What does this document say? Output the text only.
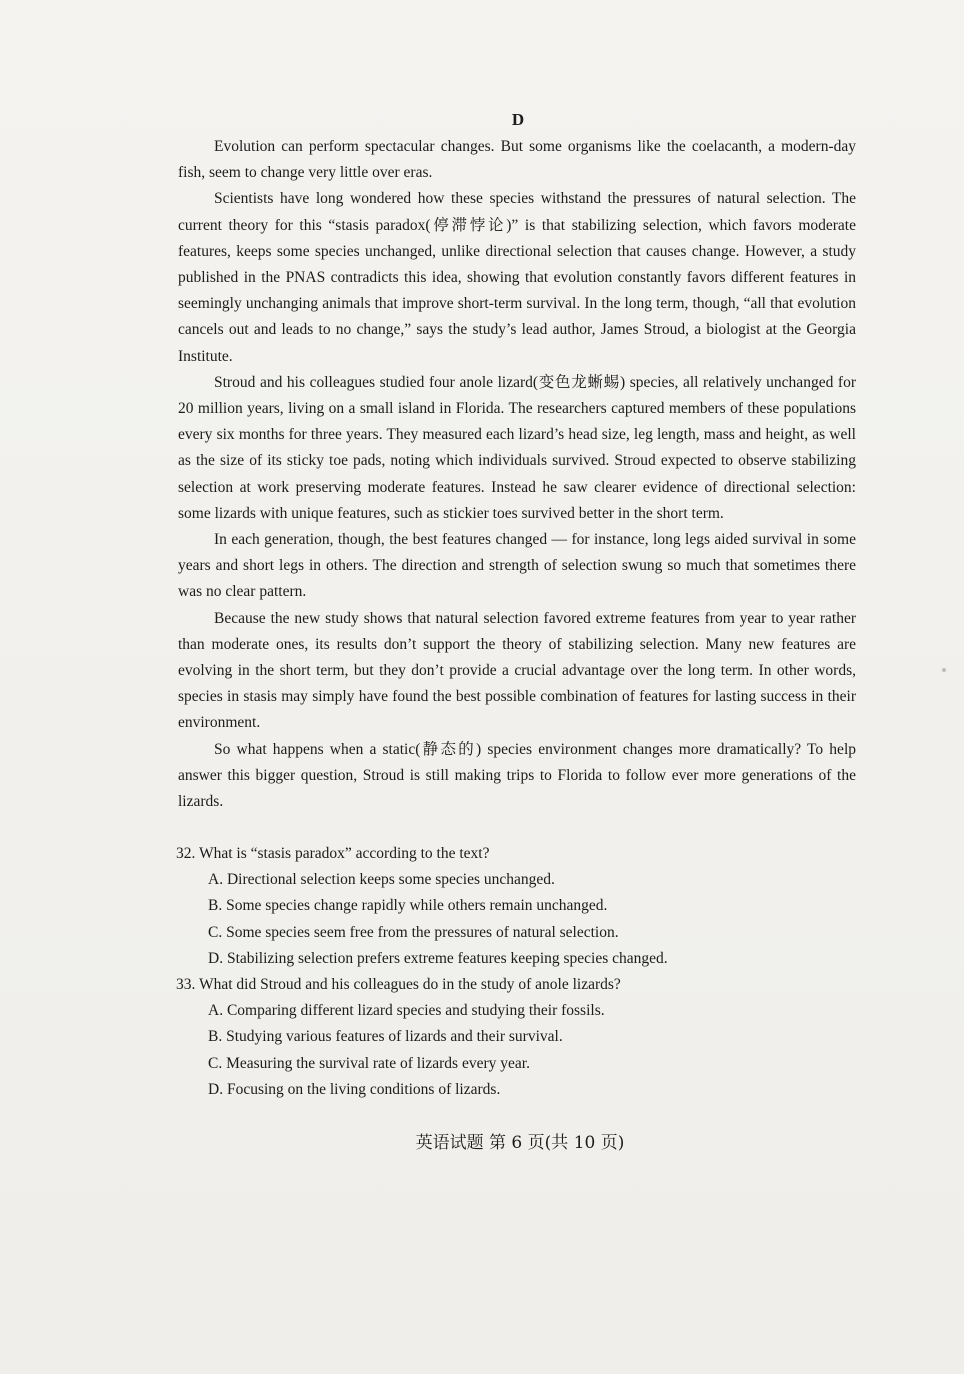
D

Evolution can perform spectacular changes. But some organisms like the coelacanth, a modern-day fish, seem to change very little over eras.

Scientists have long wondered how these species withstand the pressures of natural selection. The current theory for this “stasis paradox(停滞悖论)” is that stabilizing selection, which favors moderate features, keeps some species unchanged, unlike directional selection that causes change. However, a study published in the PNAS contradicts this idea, showing that evolution constantly favors different features in seemingly unchanging animals that improve short-term survival. In the long term, though, “all that evolution cancels out and leads to no change,” says the study’s lead author, James Stroud, a biologist at the Georgia Institute.

Stroud and his colleagues studied four anole lizard(变色龙蜥蜴) species, all relatively unchanged for 20 million years, living on a small island in Florida. The researchers captured members of these populations every six months for three years. They measured each lizard’s head size, leg length, mass and height, as well as the size of its sticky toe pads, noting which individuals survived. Stroud expected to observe stabilizing selection at work preserving moderate features. Instead he saw clearer evidence of directional selection: some lizards with unique features, such as stickier toes survived better in the short term.

In each generation, though, the best features changed — for instance, long legs aided survival in some years and short legs in others. The direction and strength of selection swung so much that sometimes there was no clear pattern.

Because the new study shows that natural selection favored extreme features from year to year rather than moderate ones, its results don’t support the theory of stabilizing selection. Many new features are evolving in the short term, but they don’t provide a crucial advantage over the long term. In other words, species in stasis may simply have found the best possible combination of features for lasting success in their environment.

So what happens when a static(静态的) species environment changes more dramatically? To help answer this bigger question, Stroud is still making trips to Florida to follow ever more generations of the lizards.

32. What is “stasis paradox” according to the text?

A. Directional selection keeps some species unchanged.

B. Some species change rapidly while others remain unchanged.

C. Some species seem free from the pressures of natural selection.

D. Stabilizing selection prefers extreme features keeping species changed.

33. What did Stroud and his colleagues do in the study of anole lizards?

A. Comparing different lizard species and studying their fossils.

B. Studying various features of lizards and their survival.

C. Measuring the survival rate of lizards every year.

D. Focusing on the living conditions of lizards.

英语试题 第 6 页(共 10 页)
